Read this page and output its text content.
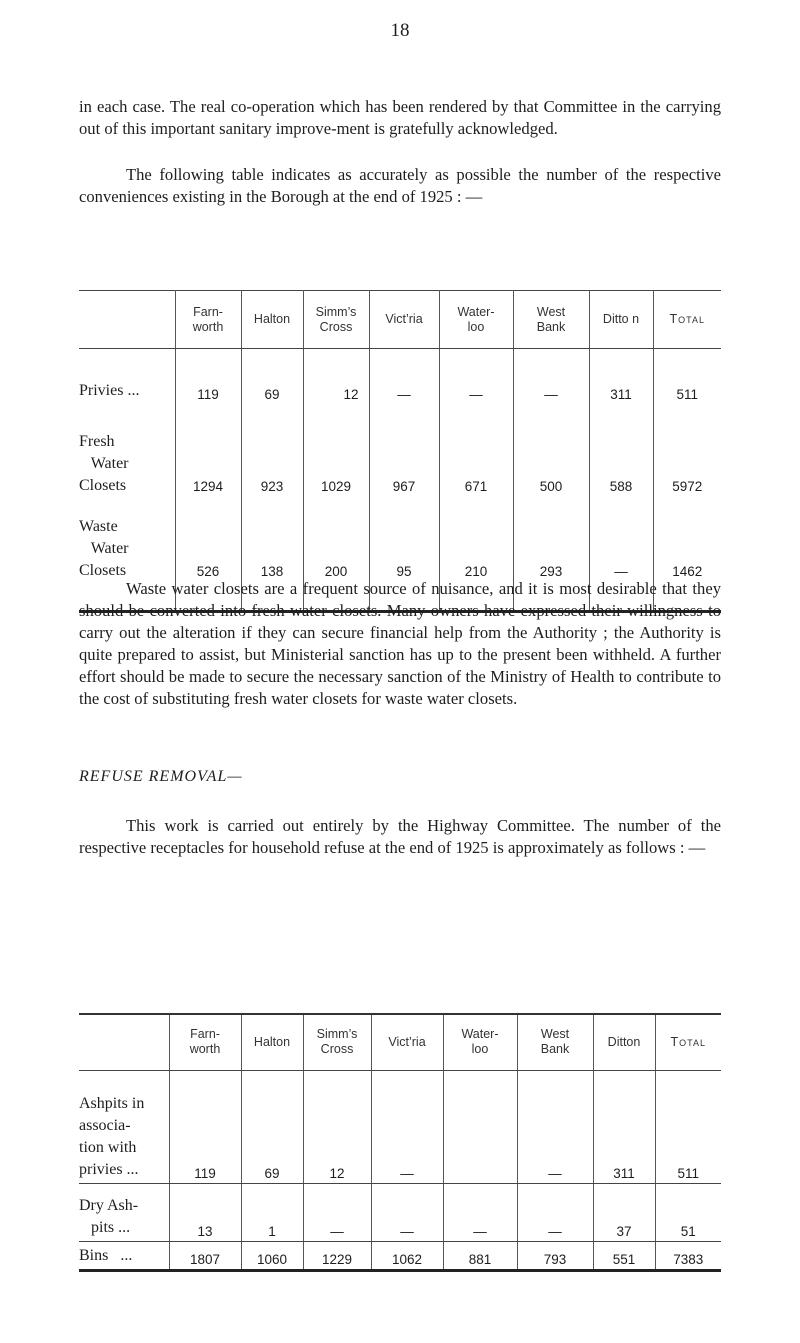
18

in each case. The real co-operation which has been rendered by that Committee in the carrying out of this important sanitary improve-ment is gratefully acknowledged.

The following table indicates as accurately as possible the number of the respective conveniences existing in the Borough at the end of 1925 : —

	Farn-
worth	Halton	Simm’s
Cross	Vict’ria	Water-
loo	West
Bank	Ditto n	Total
Privies ...	119	69	12	—	—	—	311	511
Fresh
Water
Closets	1294	923	1029	967	671	500	588	5972
Waste
Water
Closets	526	138	200	95	210	293	—	1462

Waste water closets are a frequent source of nuisance, and it is most desirable that they should be converted into fresh water closets. Many owners have expressed their willingness to carry out the alteration if they can secure financial help from the Authority ; the Authority is quite prepared to assist, but Ministerial sanction has up to the present been withheld. A further effort should be made to secure the necessary sanction of the Ministry of Health to contribute to the cost of substituting fresh water closets for waste water closets.

REFUSE REMOVAL—

This work is carried out entirely by the Highway Committee. The number of the respective receptacles for household refuse at the end of 1925 is approximately as follows : —

	Farn-
worth	Halton	Simm’s
Cross	Vict’ria	Water-
loo	West
Bank	Ditton	Total
Ashpits in
associa-
tion with
privies ...	119	69	12	—		—	311	511
Dry Ash-
pits ...	13	1	—	—	—	—	37	51
Bins   ...	1807	1060	1229	1062	881	793	551	7383
